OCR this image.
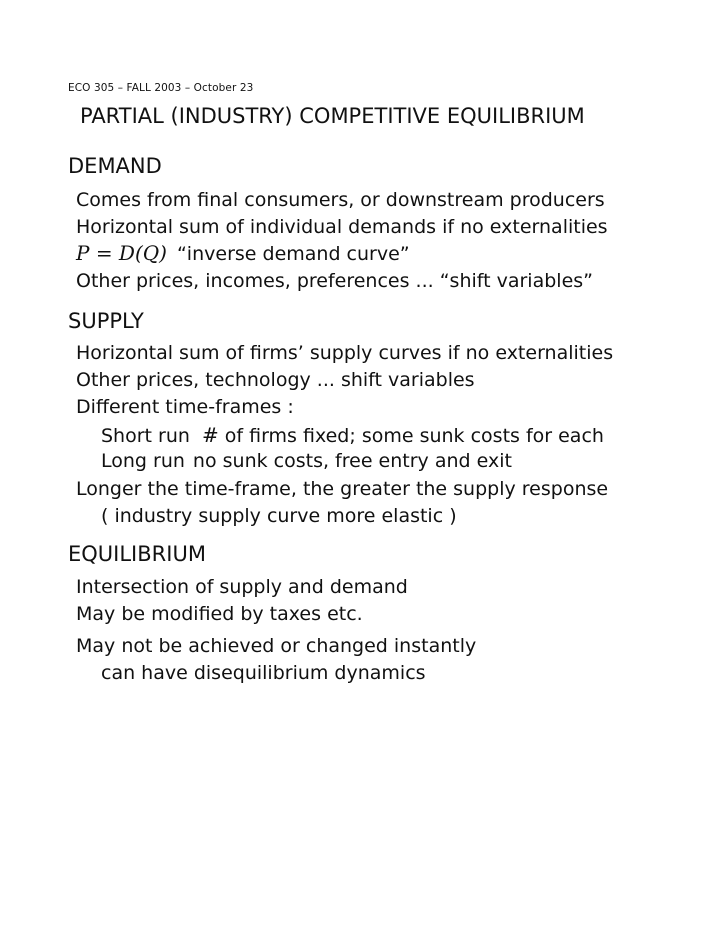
ECO 305 – FALL 2003 – October 23
PARTIAL (INDUSTRY) COMPETITIVE EQUILIBRIUM
DEMAND
Comes from final consumers, or downstream producers
Horizontal sum of individual demands if no externalities
P = D(Q) “inverse demand curve”
Other prices, incomes, preferences ... “shift variables”
SUPPLY
Horizontal sum of firms’ supply curves if no externalities
Other prices, technology ... shift variables
Different time-frames :
Short run # of firms fixed; some sunk costs for each
Long run no sunk costs, free entry and exit
Longer the time-frame, the greater the supply response
( industry supply curve more elastic )
EQUILIBRIUM
Intersection of supply and demand
May be modified by taxes etc.
May not be achieved or changed instantly
can have disequilibrium dynamics
